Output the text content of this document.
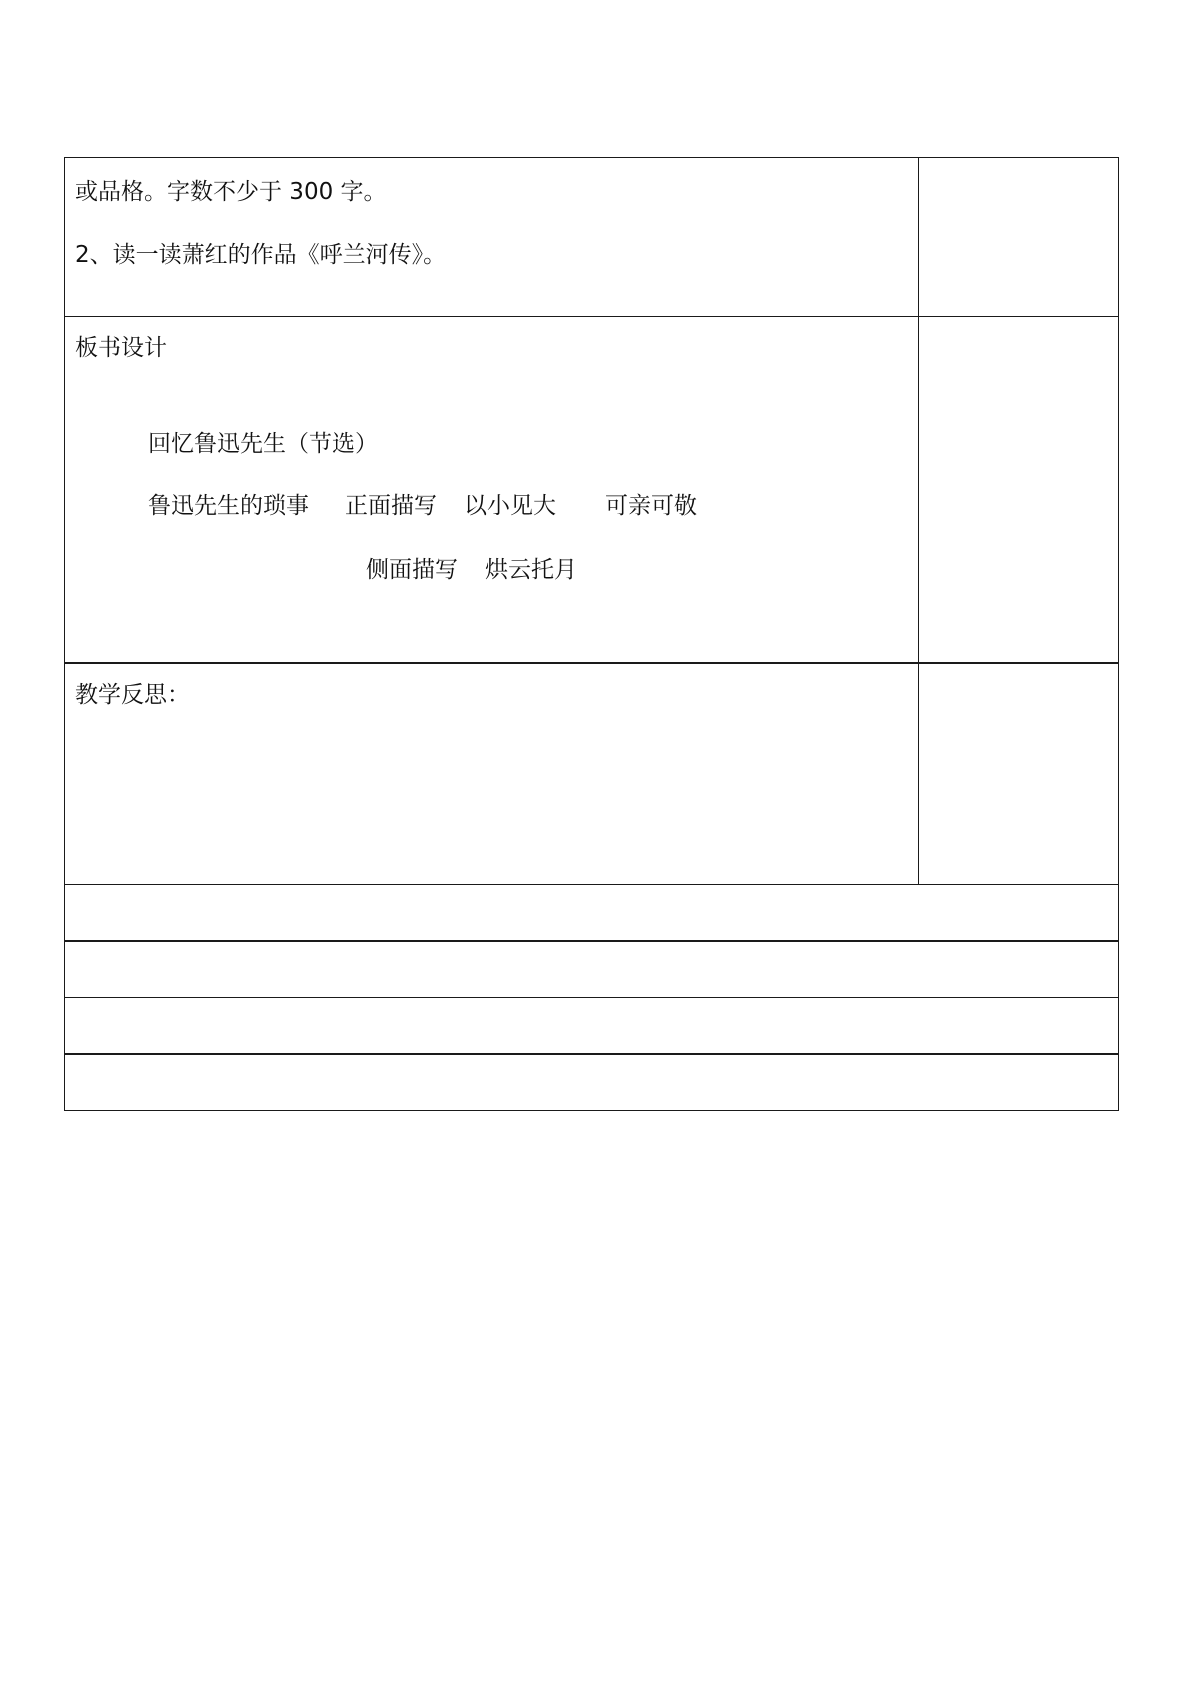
或品格。字数不少于 300 字。
2、读一读萧红的作品《呼兰河传》。
板书设计
回忆鲁迅先生（节选）
鲁迅先生的琐事 正面描写 以小见大 可亲可敬
侧面描写 烘云托月
教学反思：
